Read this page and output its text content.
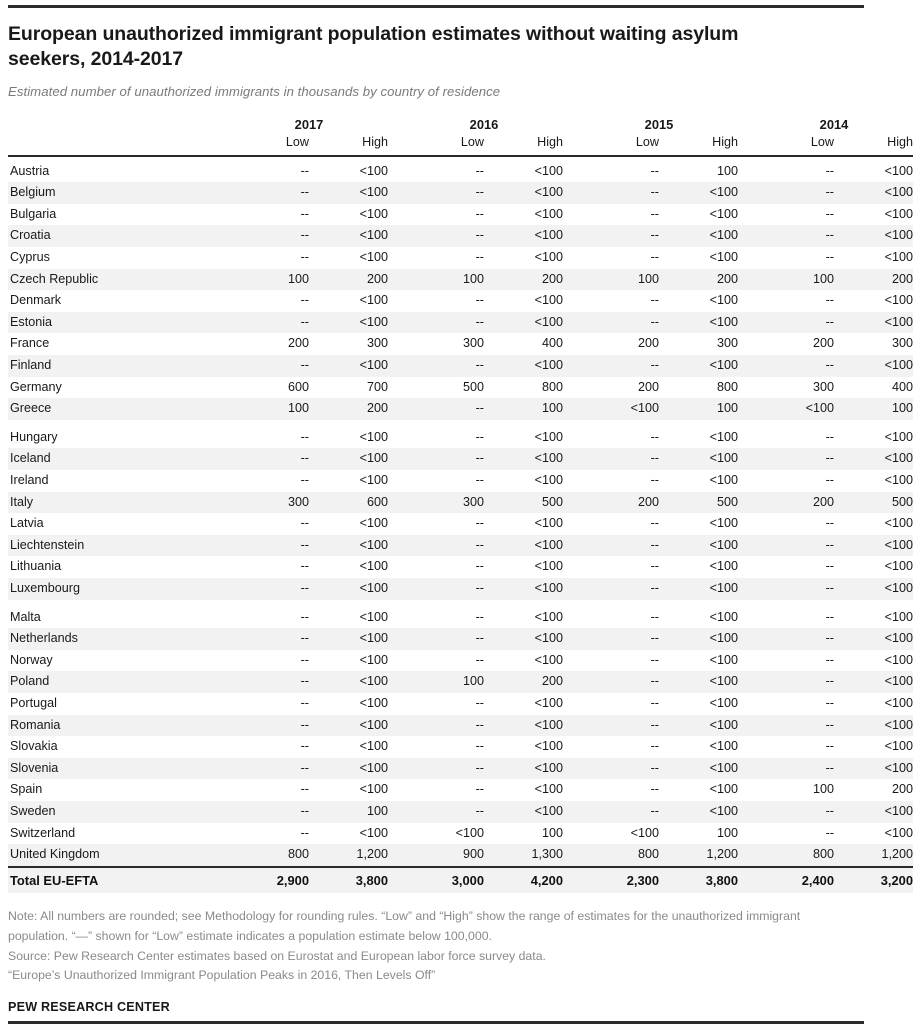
European unauthorized immigrant population estimates without waiting asylum seekers, 2014-2017
Estimated number of unauthorized immigrants in thousands by country of residence
	2017			2016			2015			2014	
	Low	High		Low	High		Low	High		Low	High

Austria	--	<100		--	<100		--	100		--	<100
Belgium	--	<100		--	<100		--	<100		--	<100
Bulgaria	--	<100		--	<100		--	<100		--	<100
Croatia	--	<100		--	<100		--	<100		--	<100
Cyprus	--	<100		--	<100		--	<100		--	<100
Czech Republic	100	200		100	200		100	200		100	200
Denmark	--	<100		--	<100		--	<100		--	<100
Estonia	--	<100		--	<100		--	<100		--	<100
France	200	300		300	400		200	300		200	300
Finland	--	<100		--	<100		--	<100		--	<100
Germany	600	700		500	800		200	800		300	400
Greece	100	200		--	100		<100	100		<100	100

Hungary	--	<100		--	<100		--	<100		--	<100
Iceland	--	<100		--	<100		--	<100		--	<100
Ireland	--	<100		--	<100		--	<100		--	<100
Italy	300	600		300	500		200	500		200	500
Latvia	--	<100		--	<100		--	<100		--	<100
Liechtenstein	--	<100		--	<100		--	<100		--	<100
Lithuania	--	<100		--	<100		--	<100		--	<100
Luxembourg	--	<100		--	<100		--	<100		--	<100

Malta	--	<100		--	<100		--	<100		--	<100
Netherlands	--	<100		--	<100		--	<100		--	<100
Norway	--	<100		--	<100		--	<100		--	<100
Poland	--	<100		100	200		--	<100		--	<100
Portugal	--	<100		--	<100		--	<100		--	<100
Romania	--	<100		--	<100		--	<100		--	<100
Slovakia	--	<100		--	<100		--	<100		--	<100
Slovenia	--	<100		--	<100		--	<100		--	<100
Spain	--	<100		--	<100		--	<100		100	200
Sweden	--	100		--	<100		--	<100		--	<100
Switzerland	--	<100		<100	100		<100	100		--	<100
United Kingdom	800	1,200		900	1,300		800	1,200		800	1,200
Total EU-EFTA	2,900	3,800		3,000	4,200		2,300	3,800		2,400	3,200

Note: All numbers are rounded; see Methodology for rounding rules. “Low” and “High” show the range of estimates for the unauthorized immigrant population. “—” shown for “Low” estimate indicates a population estimate below 100,000.

Source: Pew Research Center estimates based on Eurostat and European labor force survey data.

“Europe’s Unauthorized Immigrant Population Peaks in 2016, Then Levels Off”

PEW RESEARCH CENTER
